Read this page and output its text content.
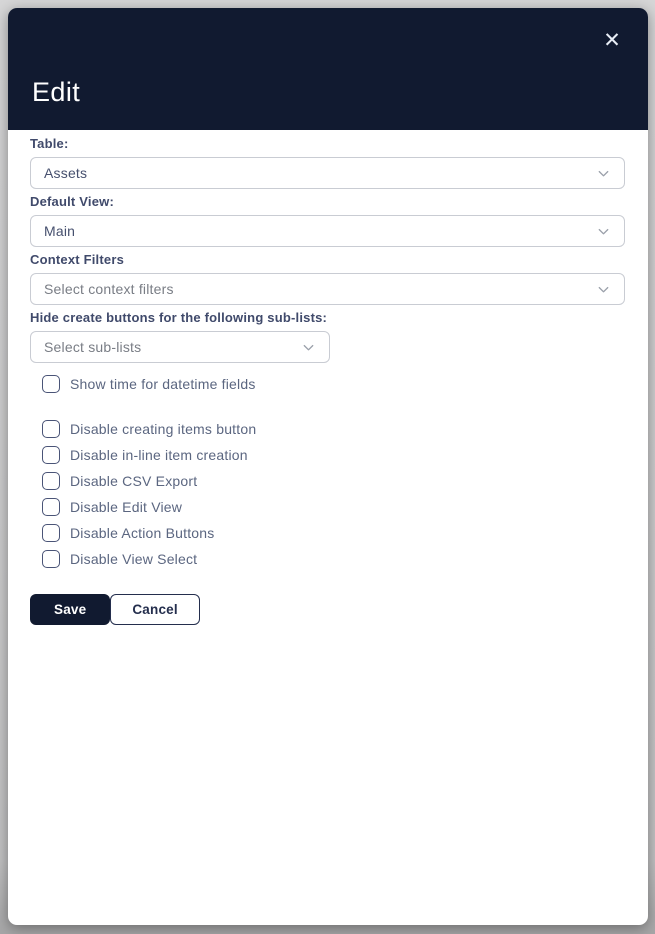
✕
Edit
Table:
Assets
Default View:
Main
Context Filters
Select context filters
Hide create buttons for the following sub-lists:
Select sub-lists
Show time for datetime fields
Disable creating items button
Disable in-line item creation
Disable CSV Export
Disable Edit View
Disable Action Buttons
Disable View Select
Save	Cancel
